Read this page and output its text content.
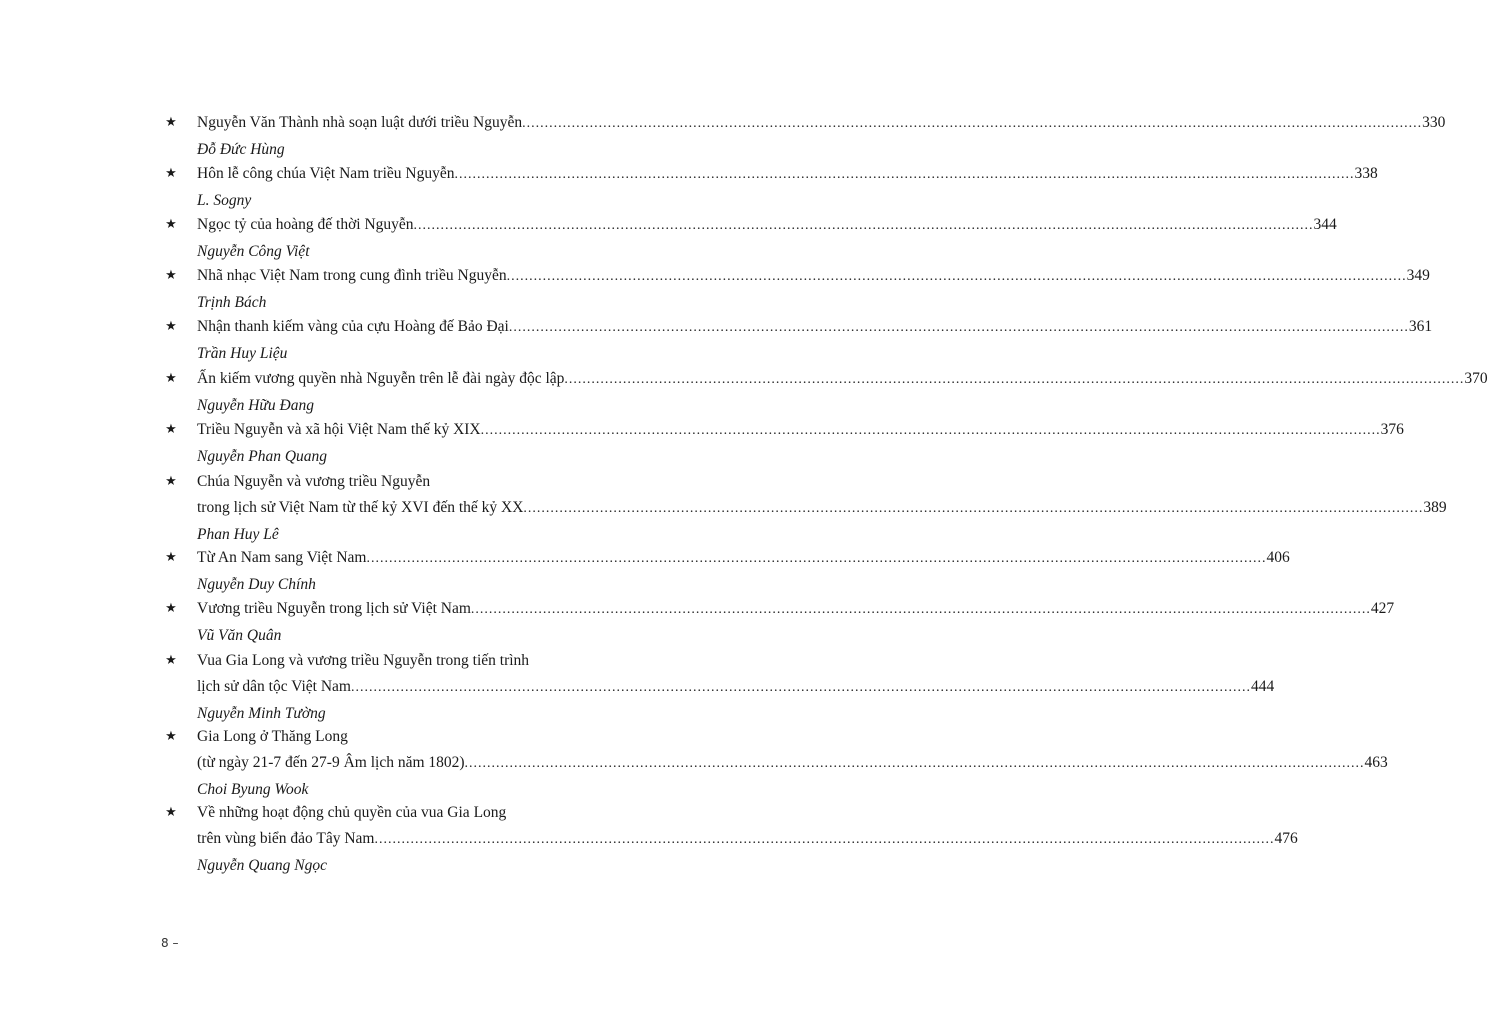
★	Nguyễn Văn Thành nhà soạn luật dưới triều Nguyễn ........................................................................................................................................................................................................ 330
Đỗ Đức Hùng
★	Hôn lễ công chúa Việt Nam triều Nguyễn ........................................................................................................................................................................................................ 338
L. Sogny
★	Ngọc tỷ của hoàng đế thời Nguyễn ........................................................................................................................................................................................................ 344
Nguyễn Công Việt
★	Nhã nhạc Việt Nam trong cung đình triều Nguyễn ........................................................................................................................................................................................................ 349
Trịnh Bách
★	Nhận thanh kiếm vàng của cựu Hoàng đế Bảo Đại ........................................................................................................................................................................................................ 361
Trần Huy Liệu
★	Ấn kiếm vương quyền nhà Nguyễn trên lễ đài ngày độc lập ........................................................................................................................................................................................................ 370
Nguyễn Hữu Đang
★	Triều Nguyễn và xã hội Việt Nam thế kỷ XIX ........................................................................................................................................................................................................ 376
Nguyễn Phan Quang
★	Chúa Nguyễn và vương triều Nguyễn
trong lịch sử Việt Nam từ thế kỷ XVI đến thế kỷ XX ........................................................................................................................................................................................................ 389
Phan Huy Lê
★	Từ An Nam sang Việt Nam ........................................................................................................................................................................................................ 406
Nguyễn Duy Chính
★	Vương triều Nguyễn trong lịch sử Việt Nam ........................................................................................................................................................................................................ 427
Vũ Văn Quân
★	Vua Gia Long và vương triều Nguyễn trong tiến trình
lịch sử dân tộc Việt Nam ........................................................................................................................................................................................................ 444
Nguyễn Minh Tường
★	Gia Long ở Thăng Long
(từ ngày 21-7 đến 27-9 Âm lịch năm 1802) ........................................................................................................................................................................................................ 463
Choi Byung Wook
★	Về những hoạt động chủ quyền của vua Gia Long
trên vùng biển đảo Tây Nam ........................................................................................................................................................................................................ 476
Nguyễn Quang Ngọc
8 –
